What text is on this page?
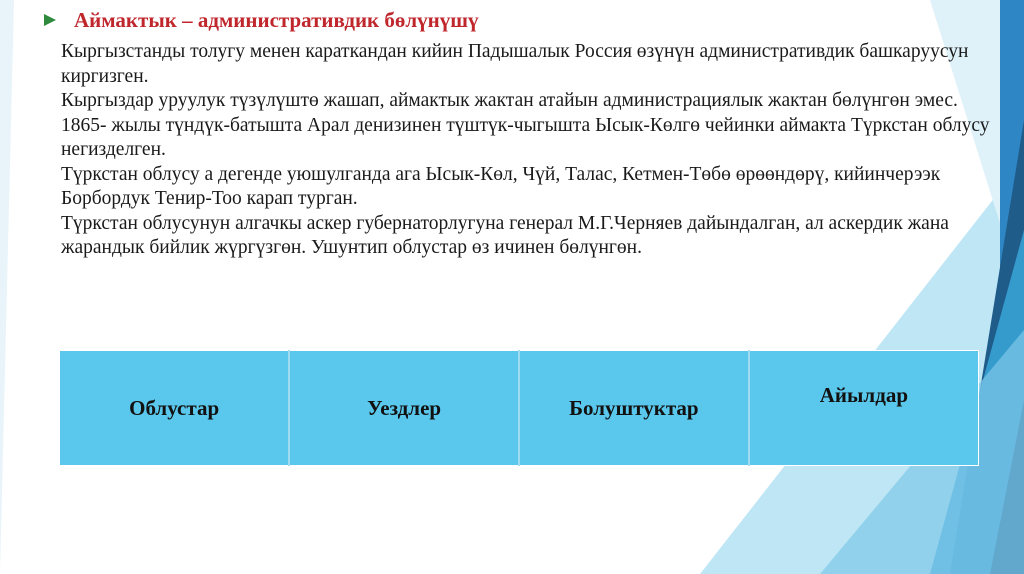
Аймактык – административдик бөлүнүшү

Кыргызстанды толугу менен караткандан кийин Падышалык Россия өзүнүн административдик башкаруусун киргизген.

Кыргыздар уруулук түзүлүштө жашап, аймактык жактан атайын администрациялык жактан бөлүнгөн эмес.

1865- жылы түндүк-батышта Арал денизинен түштүк-чыгышта Ысык-Көлгө чейинки аймакта Түркстан облусу негизделген.

Түркстан облусу а дегенде уюшулганда ага Ысык-Көл, Чүй, Талас, Кетмен-Төбө өрөөндөрү, кийинчерээк Борбордук Тенир-Тоо карап турган.

Түркстан облусунун алгачкы аскер губернаторлугуна генерал М.Г.Черняев дайындалган, ал аскердик жана жарандык бийлик жүргүзгөн. Ушунтип облустар өз ичинен бөлүнгөн.

Облустар	Уездлер	Болуштуктар	Айылдар
